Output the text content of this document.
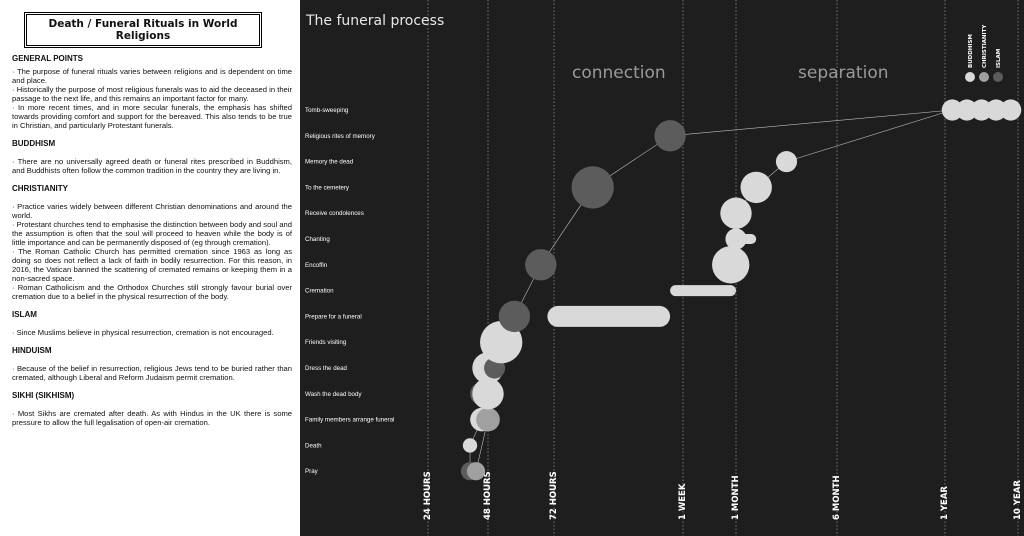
Death / Funeral Rituals in World Religions
GENERAL POINTS

· The purpose of funeral rituals varies between religions and is dependent on time and place.

· Historically the purpose of most religious funerals was to aid the deceased in their passage to the next life, and this remains an important factor for many.

· In more recent times, and in more secular funerals, the emphasis has shifted towards providing comfort and support for the bereaved. This also tends to be true in Christian, and particularly Protestant funerals.

BUDDHISM

· There are no universally agreed death or funeral rites prescribed in Buddhism, and Buddhists often follow the common tradition in the country they are living in.

CHRISTIANITY

· Practice varies widely between different Christian denominations and around the world.

· Protestant churches tend to emphasise the distinction between body and soul and the assumption is often that the soul will proceed to heaven while the body is of little importance and can be permanently disposed of (eg through cremation).

· The Roman Catholic Church has permitted cremation since 1963 as long as doing so does not reflect a lack of faith in bodily resurrection. For this reason, in 2016, the Vatican banned the scattering of cremated remains or keeping them in a non-sacred space.

· Roman Catholicism and the Orthodox Churches still strongly favour burial over cremation due to a belief in the physical resurrection of the body.

ISLAM

· Since Muslims believe in physical resurrection, cremation is not encouraged.

HINDUISM

· Because of the belief in resurrection, religious Jews tend to be buried rather than cremated, although Liberal and Reform Judaism permit cremation.

SIKHI (SIKHISM)

· Most Sikhs are cremated after death. As with Hindus in the UK there is some pressure to allow the full legalisation of open-air cremation.

24 HOURS	48 HOURS	72 HOURS	1 WEEK	1 MONTH	6 MONTH	1 YEAR	10 YEAR
The funeral process
connection	separation
Tomb-sweeping
Religious rites of memory
Memory the dead
To the cemetery
Receive condolences
Chanting
Encoffin
Cremation
Prepare for a funeral
Friends visiting
Dress the dead
Wash the dead body
Family members arrange funeral
Death
Pray
BUDDHISM CHRISTIANITY ISLAM
